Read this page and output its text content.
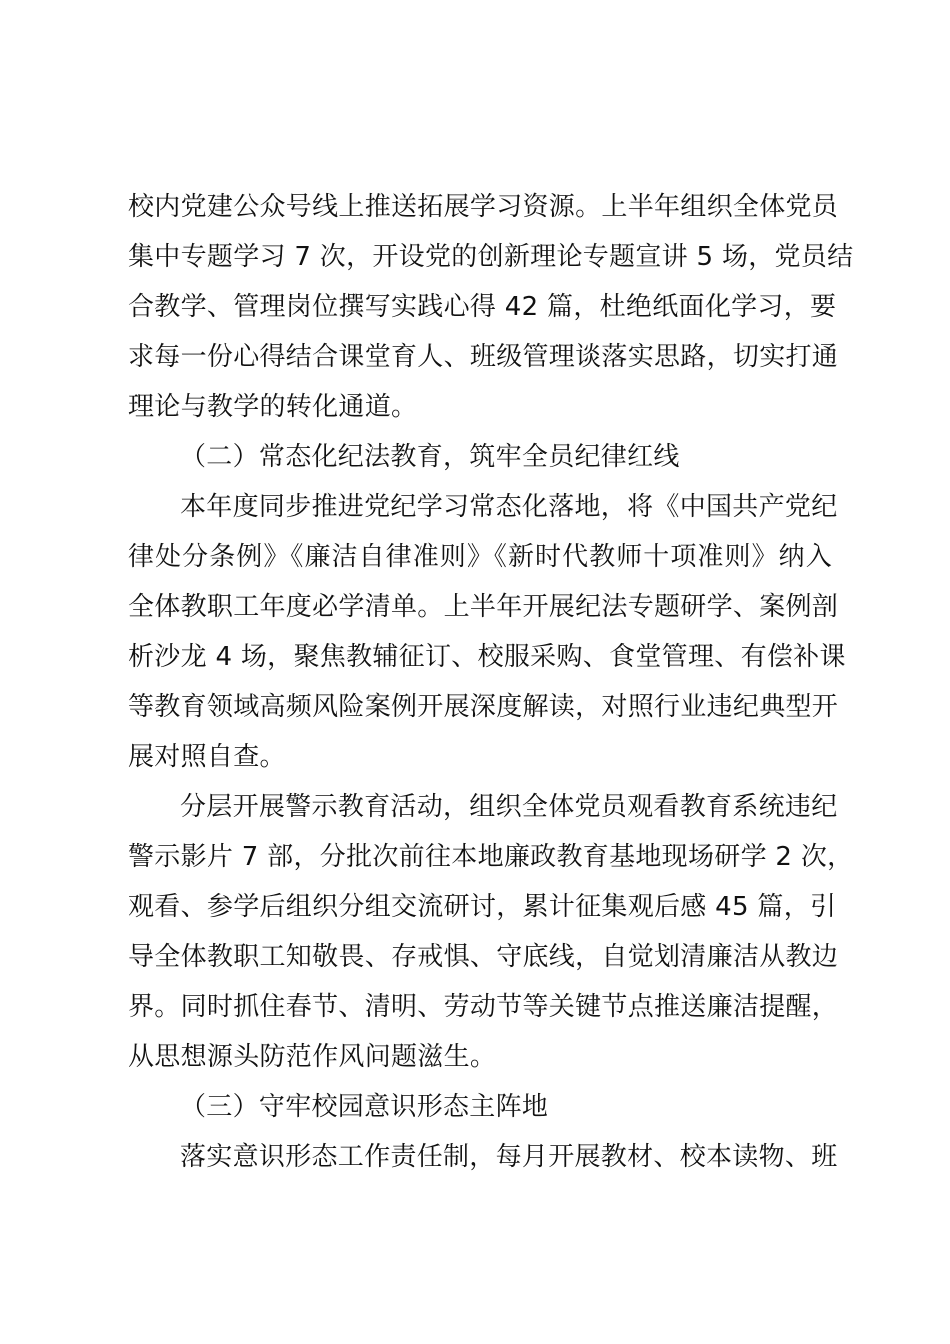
校内党建公众号线上推送拓展学习资源。上半年组织全体党员
集中专题学习 7 次，开设党的创新理论专题宣讲 5 场，党员结
合教学、管理岗位撰写实践心得 42 篇，杜绝纸面化学习，要
求每一份心得结合课堂育人、班级管理谈落实思路，切实打通
理论与教学的转化通道。
（二）常态化纪法教育，筑牢全员纪律红线
本年度同步推进党纪学习常态化落地，将《中国共产党纪
律处分条例》《廉洁自律准则》《新时代教师十项准则》纳入
全体教职工年度必学清单。上半年开展纪法专题研学、案例剖
析沙龙 4 场，聚焦教辅征订、校服采购、食堂管理、有偿补课
等教育领域高频风险案例开展深度解读，对照行业违纪典型开
展对照自查。
分层开展警示教育活动，组织全体党员观看教育系统违纪
警示影片 7 部，分批次前往本地廉政教育基地现场研学 2 次，
观看、参学后组织分组交流研讨，累计征集观后感 45 篇，引
导全体教职工知敬畏、存戒惧、守底线，自觉划清廉洁从教边
界。同时抓住春节、清明、劳动节等关键节点推送廉洁提醒，
从思想源头防范作风问题滋生。
（三）守牢校园意识形态主阵地
落实意识形态工作责任制，每月开展教材、校本读物、班
